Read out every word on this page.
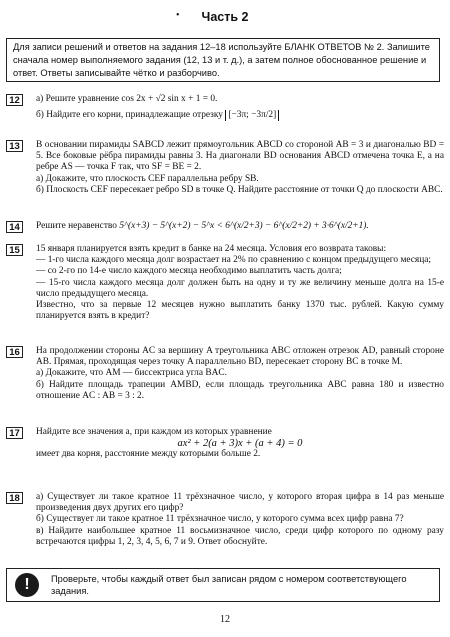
•	Часть 2
Для записи решений и ответов на задания 12–18 используйте БЛАНК ОТВЕТОВ № 2. Запишите сначала номер выполняемого задания (12, 13 и т. д.), а затем полное обоснованное решение и ответ. Ответы записывайте чётко и разборчиво.
12	а) Решите уравнение cos 2x + √2 sin x + 1 = 0.

б) Найдите его корни, принадлежащие отрезку [−3π; −3π/2]

13	В основании пирамиды SABCD лежит прямоугольник ABCD со стороной AB = 3 и диагональю BD = 5. Все боковые рёбра пирамиды равны 3. На диагонали BD основания ABCD отмечена точка E, а на ребре AS — точка F так, что SF = BE = 2.

а) Докажите, что плоскость CEF параллельна ребру SB.

б) Плоскость CEF пересекает ребро SD в точке Q. Найдите расстояние от точки Q до плоскости ABC.

14	Решите неравенство 5^(x+3) − 5^(x+2) − 5^x < 6^(x/2+3) − 6^(x/2+2) + 3·6^(x/2+1).

15	15 января планируется взять кредит в банке на 24 месяца. Условия его возврата таковы:

— 1-го числа каждого месяца долг возрастает на 2% по сравнению с концом предыдущего месяца;

— со 2-го по 14-е число каждого месяца необходимо выплатить часть долга;

— 15-го числа каждого месяца долг должен быть на одну и ту же величину меньше долга на 15-е число предыдущего месяца.

Известно, что за первые 12 месяцев нужно выплатить банку 1370 тыс. рублей. Какую сумму планируется взять в кредит?

16	На продолжении стороны AC за вершину A треугольника ABC отложен отрезок AD, равный стороне AB. Прямая, проходящая через точку A параллельно BD, пересекает сторону BC в точке M.

а) Докажите, что AM — биссектриса угла BAC.

б) Найдите площадь трапеции AMBD, если площадь треугольника ABC равна 180 и известно отношение AC : AB = 3 : 2.

17	Найдите все значения a, при каждом из которых уравнение

ax² + 2(a + 3)x + (a + 4) = 0

имеет два корня, расстояние между которыми больше 2.

18	а) Существует ли такое кратное 11 трёхзначное число, у которого вторая цифра в 14 раз меньше произведения двух других его цифр?

б) Существует ли такое кратное 11 трёхзначное число, у которого сумма всех цифр равна 7?

в) Найдите наибольшее кратное 11 восьмизначное число, среди цифр которого по одному разу встречаются цифры 1, 2, 3, 4, 5, 6, 7 и 9. Ответ обоснуйте.

!	Проверьте, чтобы каждый ответ был записан рядом с номером соответствующего задания.
12
